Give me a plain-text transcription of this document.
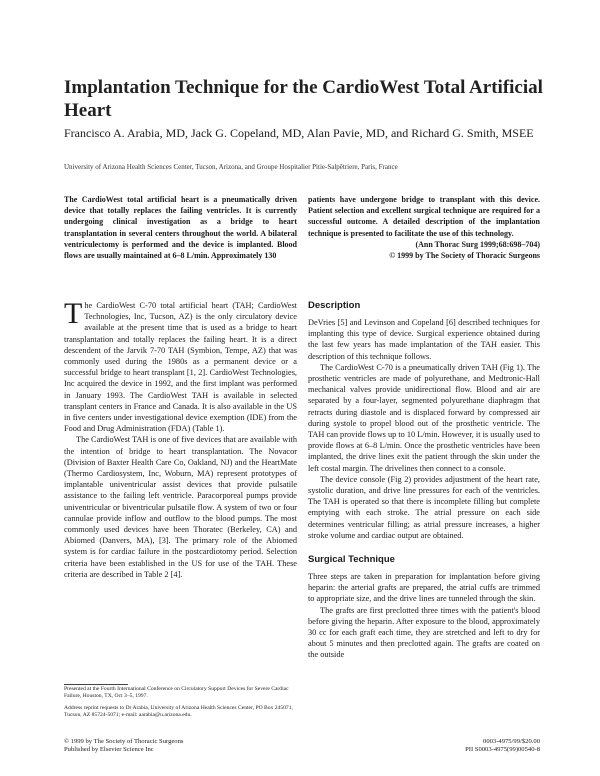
Implantation Technique for the CardioWest Total Artificial Heart

Francisco A. Arabia, MD, Jack G. Copeland, MD, Alan Pavie, MD, and Richard G. Smith, MSEE

University of Arizona Health Sciences Center, Tucson, Arizona, and Groupe Hospitalier Pitie-Salpêtriere, Paris, France

The CardioWest total artificial heart is a pneumatically driven device that totally replaces the failing ventricles. It is currently undergoing clinical investigation as a bridge to heart transplantation in several centers throughout the world. A bilateral ventriculectomy is performed and the device is implanted. Blood flows are usually maintained at 6–8 L/min. Approximately 130
patients have undergone bridge to transplant with this device. Patient selection and excellent surgical technique are required for a successful outcome. A detailed description of the implantation technique is presented to facilitate the use of this technology.
(Ann Thorac Surg 1999;68:698–704)
© 1999 by The Society of Thoracic Surgeons

The CardioWest C-70 total artificial heart (TAH; CardioWest Technologies, Inc, Tucson, AZ) is the only circulatory device available at the present time that is used as a bridge to heart transplantation and totally replaces the failing heart. It is a direct descendent of the Jarvik 7-70 TAH (Symbion, Tempe, AZ) that was commonly used during the 1980s as a permanent device or a successful bridge to heart transplant [1, 2]. CardioWest Technologies, Inc acquired the device in 1992, and the first implant was performed in January 1993. The CardioWest TAH is available in selected transplant centers in France and Canada. It is also available in the US in five centers under investigational device exemption (IDE) from the Food and Drug Administration (FDA) (Table 1).

The CardioWest TAH is one of five devices that are available with the intention of bridge to heart transplantation. The Novacor (Division of Baxter Health Care Co, Oakland, NJ) and the HeartMate (Thermo Cardiosystem, Inc, Woburn, MA) represent prototypes of implantable univentricular assist devices that provide pulsatile assistance to the failing left ventricle. Paracorporeal pumps provide univentricular or biventricular pulsatile flow. A system of two or four cannulae provide inflow and outflow to the blood pumps. The most commonly used devices have been Thoratec (Berkeley, CA) and Abiomed (Danvers, MA), [3]. The primary role of the Abiomed system is for cardiac failure in the postcardiotomy period. Selection criteria have been established in the US for use of the TAH. These criteria are described in Table 2 [4].

Description

DeVries [5] and Levinson and Copeland [6] described techniques for implanting this type of device. Surgical experience obtained during the last few years has made implantation of the TAH easier. This description of this technique follows.

The CardioWest C-70 is a pneumatically driven TAH (Fig 1). The prosthetic ventricles are made of polyurethane, and Medtronic-Hall mechanical valves provide unidirectional flow. Blood and air are separated by a four-layer, segmented polyurethane diaphragm that retracts during diastole and is displaced forward by compressed air during systole to propel blood out of the prosthetic ventricle. The TAH can provide flows up to 10 L/min. However, it is usually used to provide flows at 6–8 L/min. Once the prosthetic ventricles have been implanted, the drive lines exit the patient through the skin under the left costal margin. The drivelines then connect to a console.

The device console (Fig 2) provides adjustment of the heart rate, systolic duration, and drive line pressures for each of the ventricles. The TAH is operated so that there is incomplete filling but complete emptying with each stroke. The atrial pressure on each side determines ventricular filling; as atrial pressure increases, a higher stroke volume and cardiac output are obtained.

Surgical Technique

Three steps are taken in preparation for implantation before giving heparin: the arterial grafts are prepared, the atrial cuffs are trimmed to appropriate size, and the drive lines are tunneled through the skin.

The grafts are first preclotted three times with the patient's blood before giving the heparin. After exposure to the blood, approximately 30 cc for each graft each time, they are stretched and left to dry for about 5 minutes and then preclotted again. The grafts are coated on the outside

Presented at the Fourth International Conference on Circulatory Support Devices for Severe Cardiac Failure, Houston, TX, Oct 3–5, 1997.

Address reprint requests to Dr Arabia, University of Arizona Health Sciences Center, PO Box 245071, Tucson, AZ 85724-5071; e-mail: aarabia@u.arizona.edu.

© 1999 by The Society of Thoracic Surgeons
Published by Elsevier Science Inc
0003-4975/99/$20.00
PII S0003-4975(99)00540-8
